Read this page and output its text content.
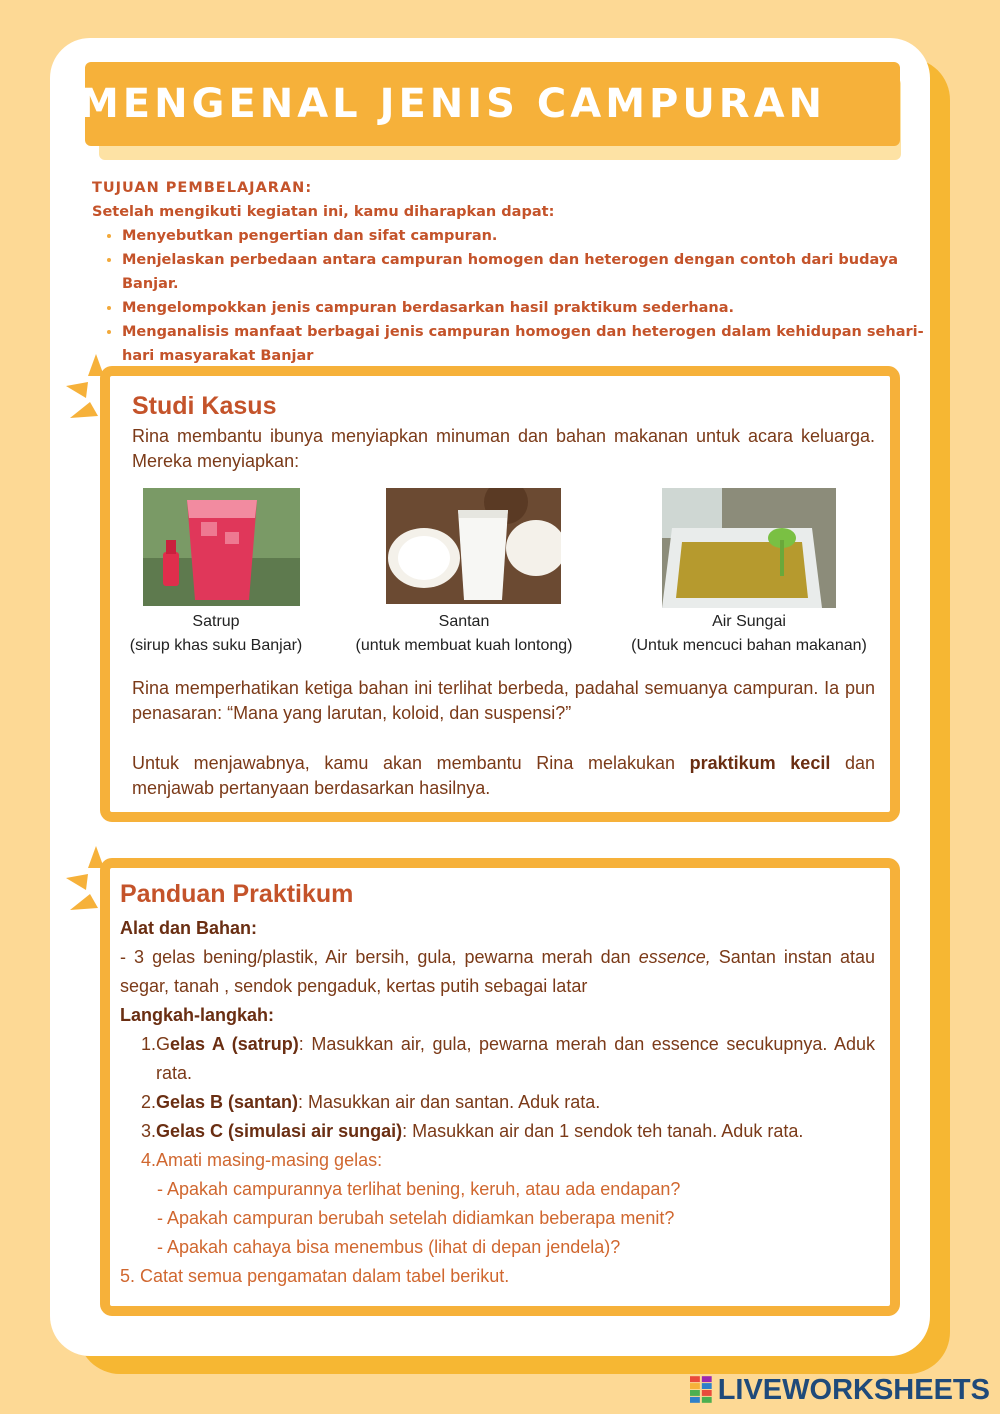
MENGENAL JENIS CAMPURAN
TUJUAN PEMBELAJARAN:
Setelah mengikuti kegiatan ini, kamu diharapkan dapat:
• Menyebutkan pengertian dan sifat campuran.
• Menjelaskan perbedaan antara campuran homogen dan heterogen dengan contoh dari budaya Banjar.
• Mengelompokkan jenis campuran berdasarkan hasil praktikum sederhana.
• Menganalisis manfaat berbagai jenis campuran homogen dan heterogen dalam kehidupan sehari-hari masyarakat Banjar
Studi Kasus
Rina membantu ibunya menyiapkan minuman dan bahan makanan untuk acara keluarga. Mereka menyiapkan:
Satrup
(sirup khas suku Banjar)
Santan
(untuk membuat kuah lontong)
Air Sungai
(Untuk mencuci bahan makanan)
Rina memperhatikan ketiga bahan ini terlihat berbeda, padahal semuanya campuran. Ia pun penasaran: “Mana yang larutan, koloid, dan suspensi?”
Untuk menjawabnya, kamu akan membantu Rina melakukan praktikum kecil dan menjawab pertanyaan berdasarkan hasilnya.
Panduan Praktikum
Alat dan Bahan:
- 3 gelas bening/plastik, Air bersih, gula, pewarna merah dan essence, Santan instan atau segar, tanah , sendok pengaduk, kertas putih sebagai latar
Langkah-langkah:
1. Gelas A (satrup): Masukkan air, gula, pewarna merah dan essence secukupnya. Aduk rata.
2. Gelas B (santan): Masukkan air dan santan. Aduk rata.
3. Gelas C (simulasi air sungai): Masukkan air dan 1 sendok teh tanah. Aduk rata.
4. Amati masing-masing gelas:
- Apakah campurannya terlihat bening, keruh, atau ada endapan?
- Apakah campuran berubah setelah didiamkan beberapa menit?
- Apakah cahaya bisa menembus (lihat di depan jendela)?
5. Catat semua pengamatan dalam tabel berikut.
LIVEWORKSHEETS
